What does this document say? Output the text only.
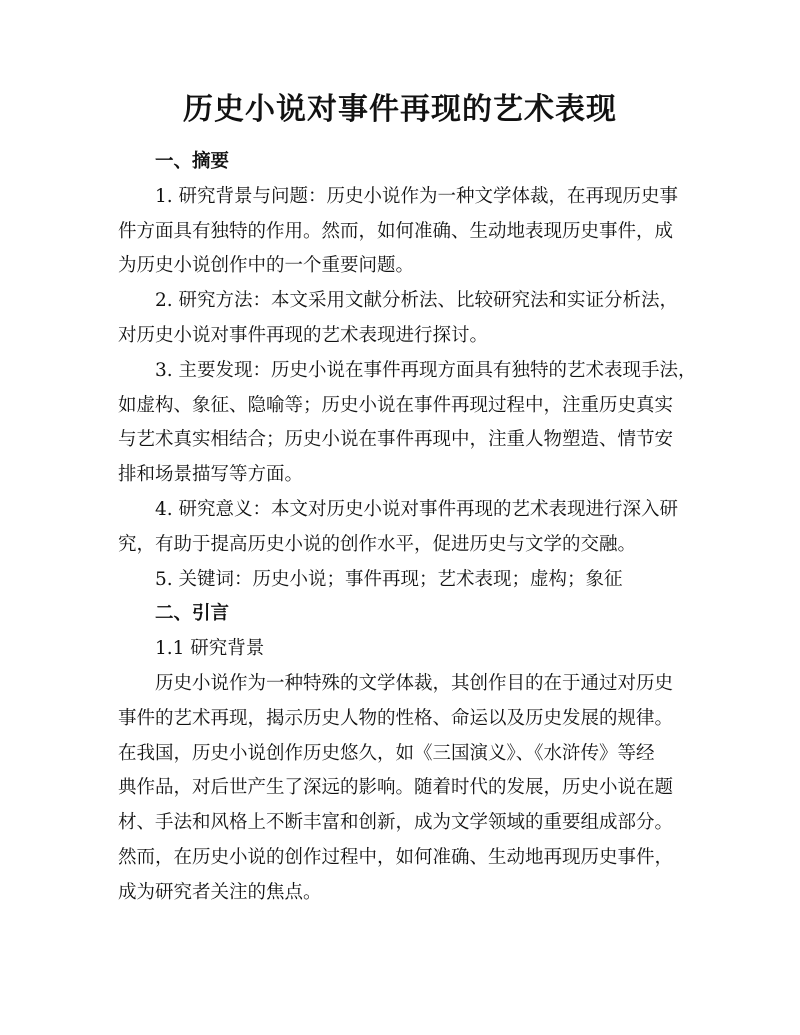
历史小说对事件再现的艺术表现
一、摘要
1. 研究背景与问题：历史小说作为一种文学体裁，在再现历史事
件方面具有独特的作用。然而，如何准确、生动地表现历史事件，成
为历史小说创作中的一个重要问题。
2. 研究方法：本文采用文献分析法、比较研究法和实证分析法，
对历史小说对事件再现的艺术表现进行探讨。
3. 主要发现：历史小说在事件再现方面具有独特的艺术表现手法，
如虚构、象征、隐喻等；历史小说在事件再现过程中，注重历史真实
与艺术真实相结合；历史小说在事件再现中，注重人物塑造、情节安
排和场景描写等方面。
4. 研究意义：本文对历史小说对事件再现的艺术表现进行深入研
究，有助于提高历史小说的创作水平，促进历史与文学的交融。
5. 关键词：历史小说；事件再现；艺术表现；虚构；象征
二、引言
1.1 研究背景
历史小说作为一种特殊的文学体裁，其创作目的在于通过对历史
事件的艺术再现，揭示历史人物的性格、命运以及历史发展的规律。
在我国，历史小说创作历史悠久，如《三国演义》、《水浒传》等经
典作品，对后世产生了深远的影响。随着时代的发展，历史小说在题
材、手法和风格上不断丰富和创新，成为文学领域的重要组成部分。
然而，在历史小说的创作过程中，如何准确、生动地再现历史事件，
成为研究者关注的焦点。
